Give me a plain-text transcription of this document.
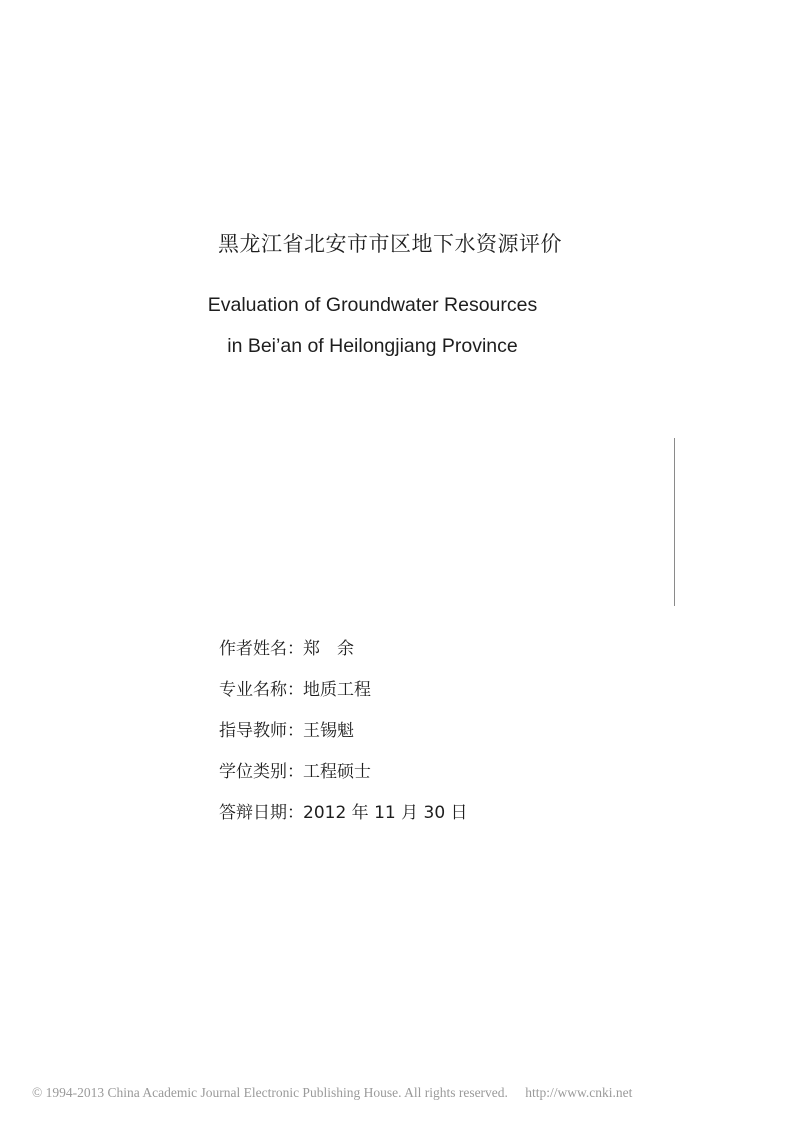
黑龙江省北安市市区地下水资源评价
Evaluation of Groundwater Resources
in Bei’an of Heilongjiang Province
作者姓名： 郑　余
专业名称： 地质工程
指导教师： 王锡魁
学位类别： 工程硕士
答辩日期： 2012 年 11 月 30 日
© 1994-2013 China Academic Journal Electronic Publishing House. All rights reserved. http://www.cnki.net
